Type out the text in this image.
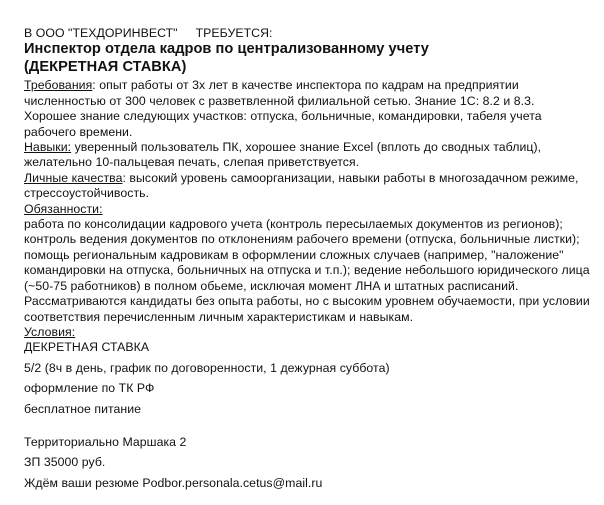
В ООО "ТЕХДОРИНВЕСТ" ТРЕБУЕТСЯ:
Инспектор отдела кадров по централизованному учету
(ДЕКРЕТНАЯ СТАВКА)
Требования: опыт работы от 3х лет в качестве инспектора по кадрам на предприятии
численностью от 300 человек с разветвленной филиальной сетью. Знание 1С: 8.2 и 8.3.
Хорошее знание следующих участков: отпуска, больничные, командировки, табеля учета
рабочего времени.
Навыки: уверенный пользователь ПК, хорошее знание Excel (вплоть до сводных таблиц),
желательно 10-пальцевая печать, слепая приветствуется.
Личные качества: высокий уровень самоорганизации, навыки работы в многозадачном режиме,
стрессоустойчивость.
Обязанности:
работа по консолидации кадрового учета (контроль пересылаемых документов из регионов);
контроль ведения документов по отклонениям рабочего времени (отпуска, больничные листки);
помощь региональным кадровикам в оформлении сложных случаев (например, "наложение"
командировки на отпуска, больничных на отпуска и т.п.); ведение небольшого юридического лица
(~50-75 работников) в полном обьеме, исключая момент ЛНА и штатных расписаний.
Рассматриваются кандидаты без опыта работы, но с высоким уровнем обучаемости, при условии
соответствия перечисленным личным характеристикам и навыкам.
Условия:
ДЕКРЕТНАЯ СТАВКА
5/2 (8ч в день, график по договоренности, 1 дежурная суббота)
оформление по ТК РФ
бесплатное питание
Территориально Маршака 2
ЗП 35000 руб.
Ждём ваши резюме Podbor.personala.cetus@mail.ru
